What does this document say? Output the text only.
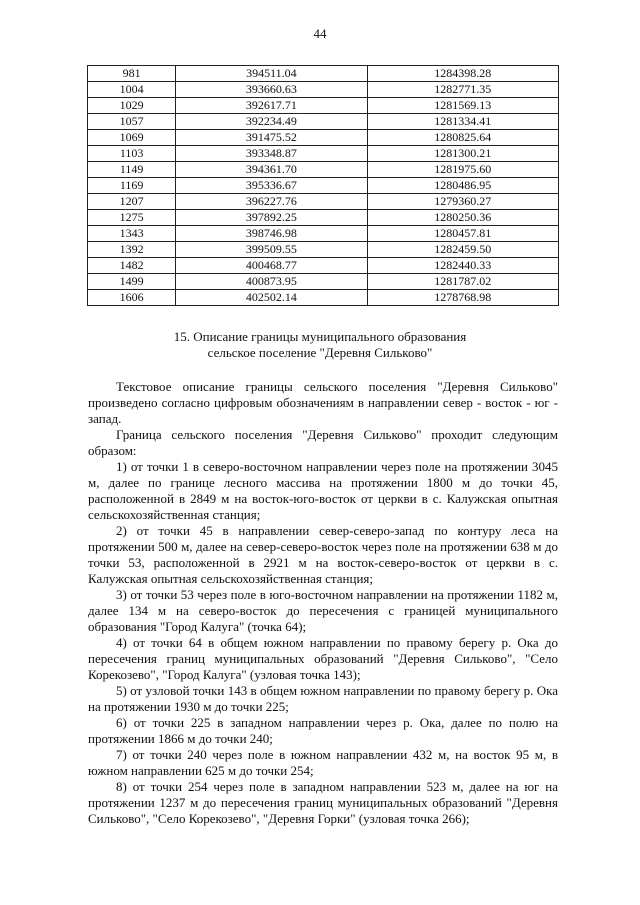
44
981	394511.04	1284398.28
1004	393660.63	1282771.35
1029	392617.71	1281569.13
1057	392234.49	1281334.41
1069	391475.52	1280825.64
1103	393348.87	1281300.21
1149	394361.70	1281975.60
1169	395336.67	1280486.95
1207	396227.76	1279360.27
1275	397892.25	1280250.36
1343	398746.98	1280457.81
1392	399509.55	1282459.50
1482	400468.77	1282440.33
1499	400873.95	1281787.02
1606	402502.14	1278768.98
15. Описание границы муниципального образования
сельское поселение "Деревня Сильково"

Текстовое описание границы сельского поселения "Деревня Сильково" произведено согласно цифровым обозначениям в направлении север - восток - юг - запад.

Граница сельского поселения "Деревня Сильково" проходит следующим образом:

1) от точки 1 в северо-восточном направлении через поле на протяжении 3045 м, далее по границе лесного массива на протяжении 1800 м до точки 45, расположенной в 2849 м на восток-юго-восток от церкви в с. Калужская опытная сельскохозяйственная станция;

2) от точки 45 в направлении север-северо-запад по контуру леса на протяжении 500 м, далее на север-северо-восток через поле на протяжении 638 м до точки 53, расположенной в 2921 м на восток-северо-восток от церкви в с. Калужская опытная сельскохозяйственная станция;

3) от точки 53 через поле в юго-восточном направлении на протяжении 1182 м, далее 134 м на северо-восток до пересечения с границей муниципального образования "Город Калуга" (точка 64);

4) от точки 64 в общем южном направлении по правому берегу р. Ока до пересечения границ муниципальных образований "Деревня Сильково", "Село Корекозево", "Город Калуга" (узловая точка 143);

5) от узловой точки 143 в общем южном направлении по правому берегу р. Ока на протяжении 1930 м до точки 225;

6) от точки 225 в западном направлении через р. Ока, далее по полю на протяжении 1866 м до точки 240;

7) от точки 240 через поле в южном направлении 432 м, на восток 95 м, в южном направлении 625 м до точки 254;

8) от точки 254 через поле в западном направлении 523 м, далее на юг на протяжении 1237 м до пересечения границ муниципальных образований "Деревня Сильково", "Село Корекозево", "Деревня Горки" (узловая точка 266);
